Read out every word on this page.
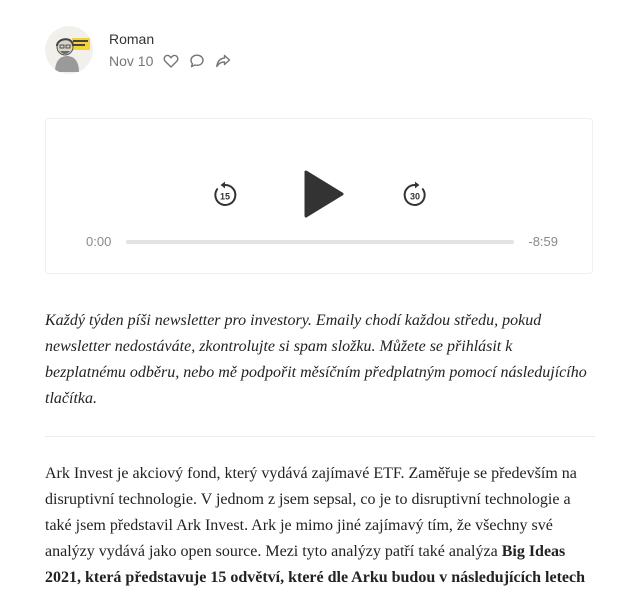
Roman
Nov 10
15	30
0:00	-8:59

Každý týden píši newsletter pro investory. Emaily chodí každou středu, pokud newsletter nedostáváte, zkontrolujte si spam složku. Můžete se přihlásit k bezplatnému odběru, nebo mě podpořit měsíčním předplatným pomocí následujícího tlačítka.

Ark Invest je akciový fond, který vydává zajímavé ETF. Zaměřuje se především na disruptivní technologie. V jednom z jsem sepsal, co je to disruptivní technologie a také jsem představil Ark Invest. Ark je mimo jiné zajímavý tím, že všechny své analýzy vydává jako open source. Mezi tyto analýzy patří také analýza Big Ideas 2021, která představuje 15 odvětví, které dle Arku budou v následujících letech
